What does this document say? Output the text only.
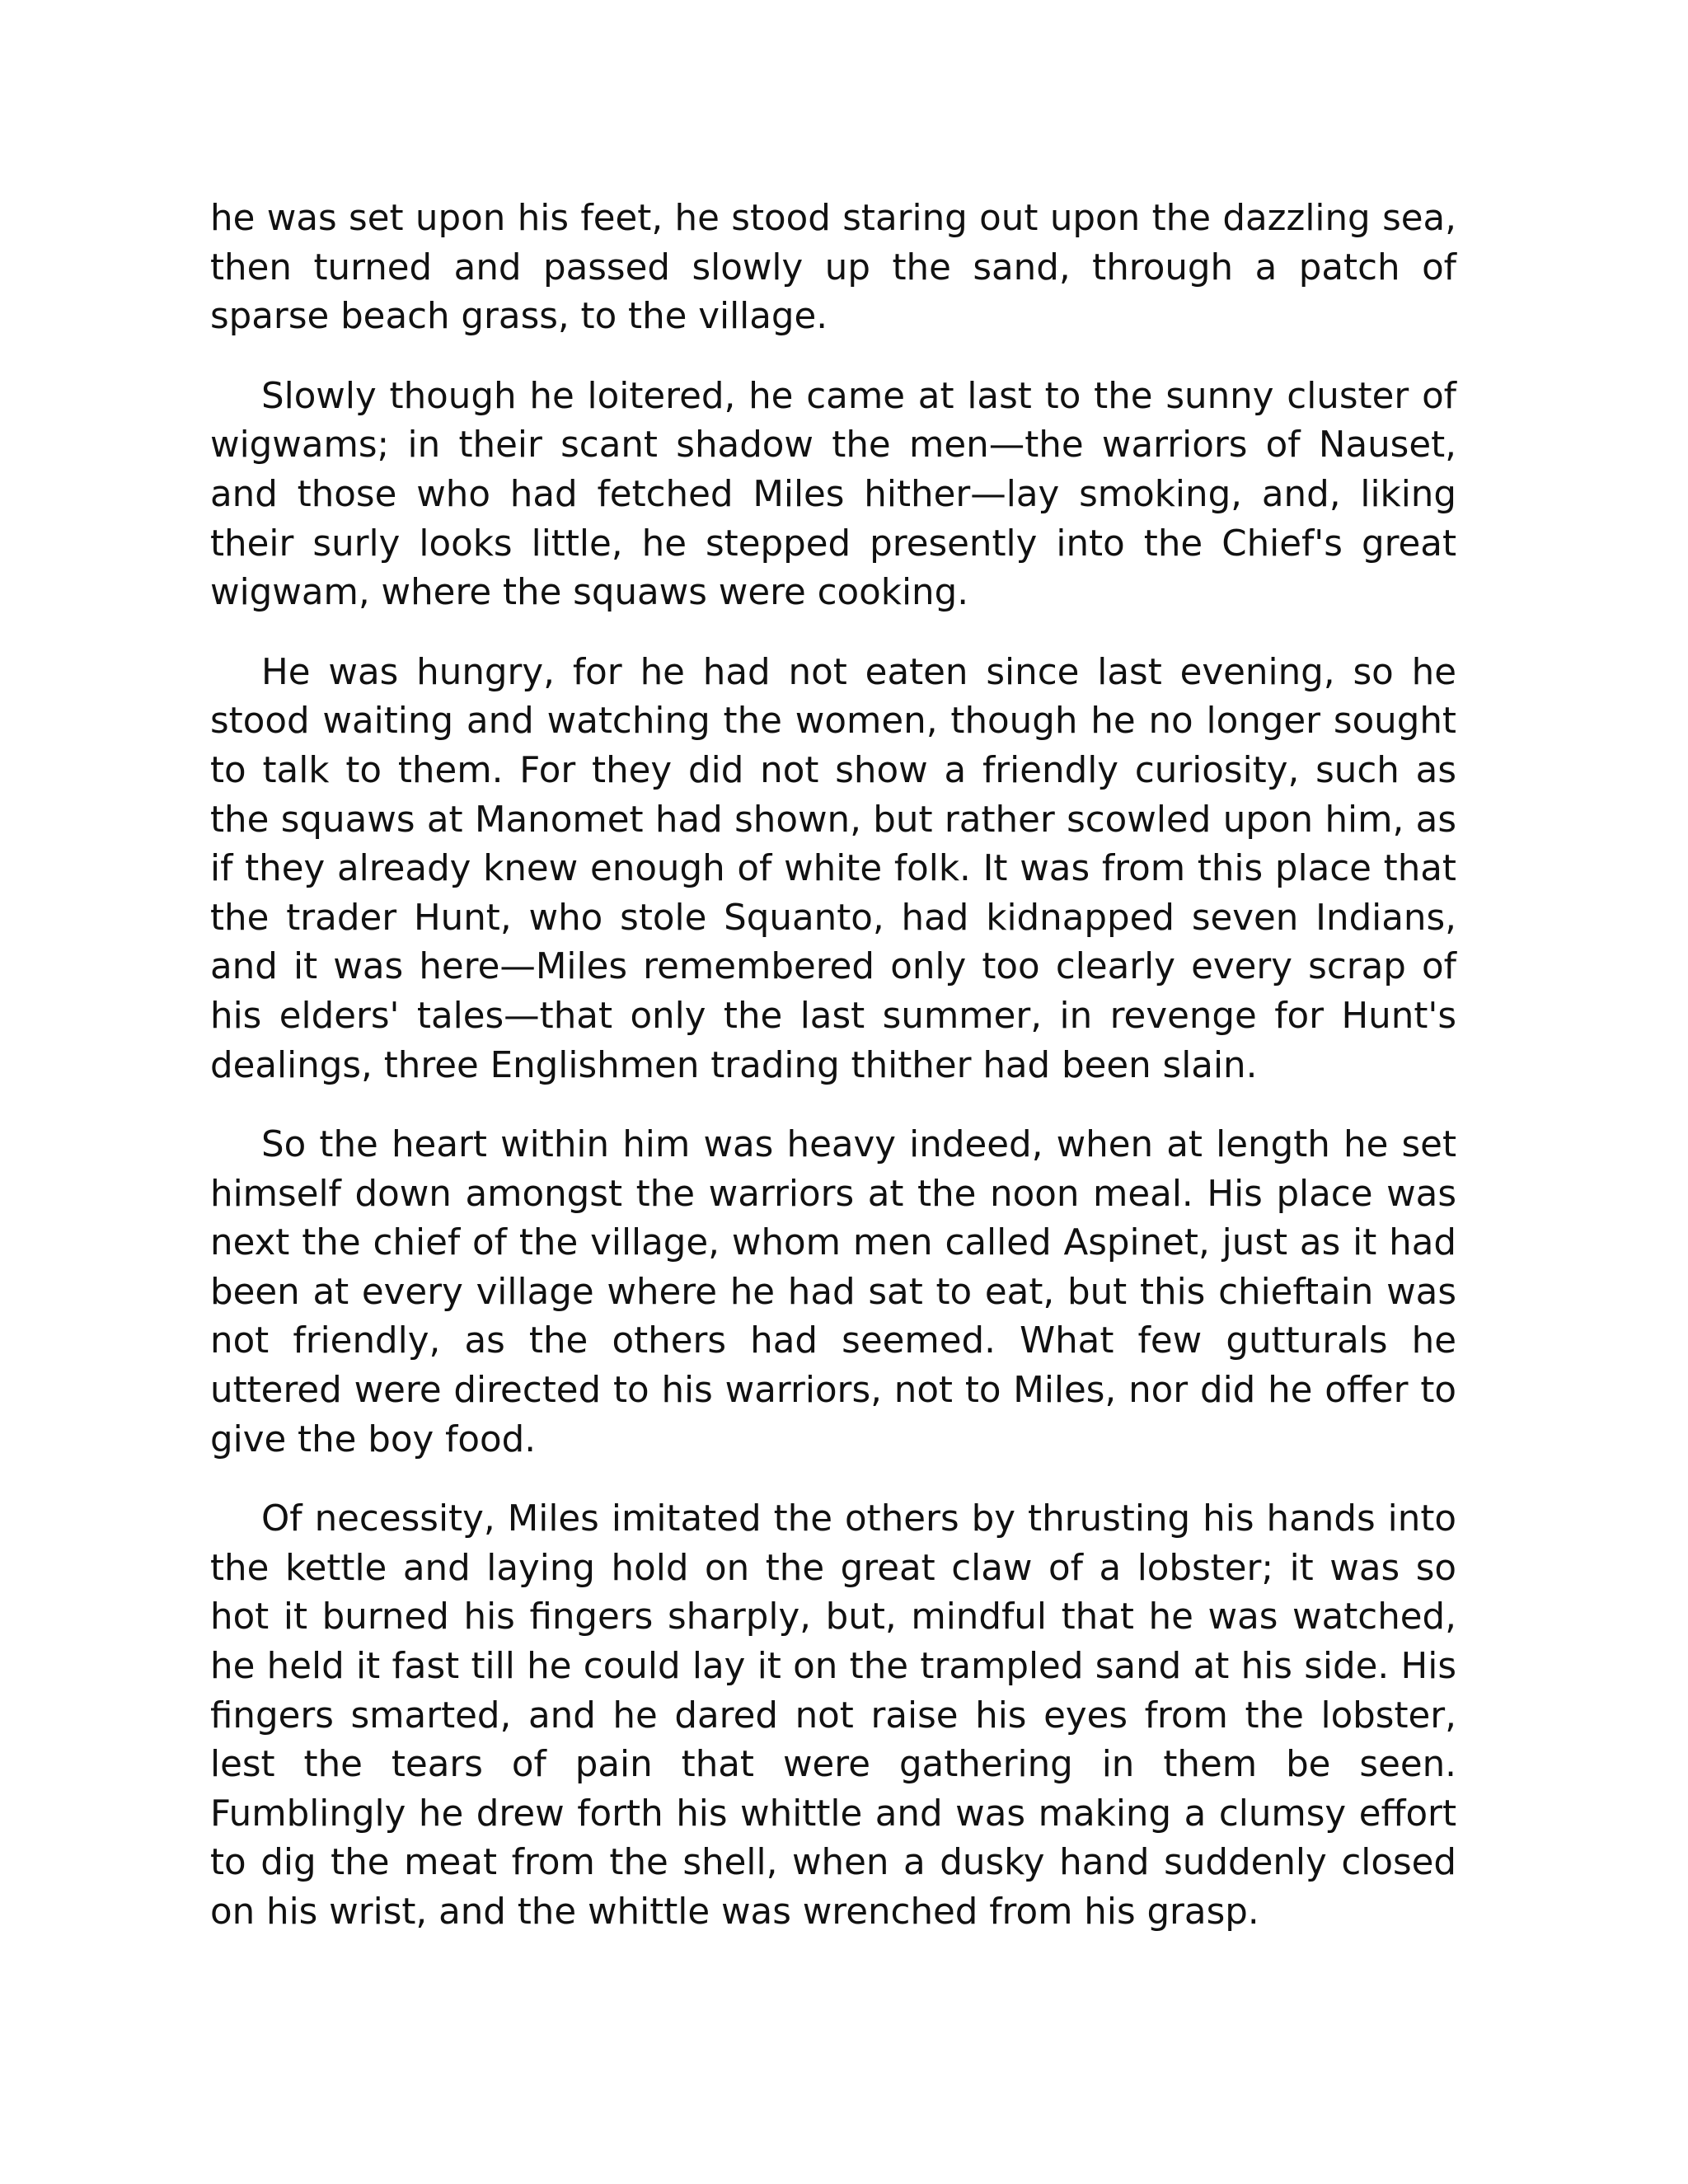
he was set upon his feet, he stood staring out upon the dazzling sea, then turned and passed slowly up the sand, through a patch of sparse beach grass, to the village.

Slowly though he loitered, he came at last to the sunny cluster of wigwams; in their scant shadow the men—the warriors of Nauset, and those who had fetched Miles hither—lay smoking, and, liking their surly looks little, he stepped presently into the Chief's great wigwam, where the squaws were cooking.

He was hungry, for he had not eaten since last evening, so he stood waiting and watching the women, though he no longer sought to talk to them. For they did not show a friendly curiosity, such as the squaws at Manomet had shown, but rather scowled upon him, as if they already knew enough of white folk. It was from this place that the trader Hunt, who stole Squanto, had kidnapped seven Indians, and it was here—Miles remembered only too clearly every scrap of his elders' tales—that only the last summer, in revenge for Hunt's dealings, three Englishmen trading thither had been slain.

So the heart within him was heavy indeed, when at length he set himself down amongst the warriors at the noon meal. His place was next the chief of the village, whom men called Aspinet, just as it had been at every village where he had sat to eat, but this chieftain was not friendly, as the others had seemed. What few gutturals he uttered were directed to his warriors, not to Miles, nor did he offer to give the boy food.

Of necessity, Miles imitated the others by thrusting his hands into the kettle and laying hold on the great claw of a lobster; it was so hot it burned his fingers sharply, but, mindful that he was watched, he held it fast till he could lay it on the trampled sand at his side. His fingers smarted, and he dared not raise his eyes from the lobster, lest the tears of pain that were gathering in them be seen. Fumblingly he drew forth his whittle and was making a clumsy effort to dig the meat from the shell, when a dusky hand suddenly closed on his wrist, and the whittle was wrenched from his grasp.
